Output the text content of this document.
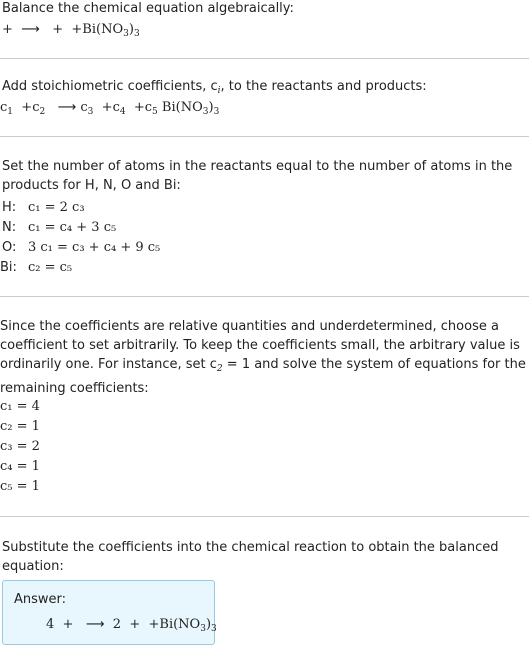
Balance the chemical equation algebraically:
+ ⟶ + $+Bi(NO_3)_3$
Add stoichiometric coefficients, $c_i$, to the reactants and products:
$c_1 +c_2$ ⟶ $c_3 +c_4 +c_5$ $Bi(NO_3)_3$
Set the number of atoms in the reactants equal to the number of atoms in the products for H, N, O and Bi:
H: c₁ = 2 c₃
N: c₁ = c₄ + 3 c₅
O: 3 c₁ = c₃ + c₄ + 9 c₅
Bi: c₂ = c₅
Since the coefficients are relative quantities and underdetermined, choose a coefficient to set arbitrarily. To keep the coefficients small, the arbitrary value is ordinarily one. For instance, set $c_2 = 1$ and solve the system of equations for the remaining coefficients:
c₁ = 4
c₂ = 1
c₃ = 2
c₄ = 1
c₅ = 1
Substitute the coefficients into the chemical reaction to obtain the balanced equation:
Answer:
4 + ⟶ $2 + +Bi(NO_3)_3$
